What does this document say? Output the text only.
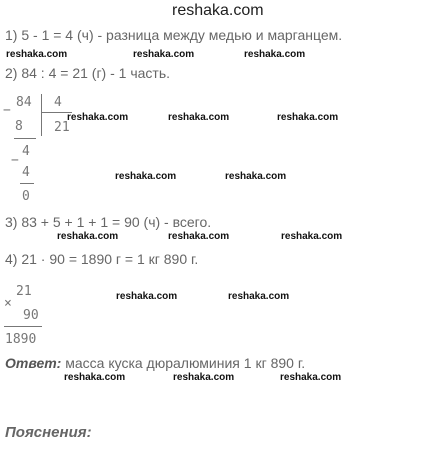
reshaka.com
1) 5 - 1 = 4 (ч) - разница между медью и марганцем.
reshaka.com	reshaka.com	reshaka.com
2) 84 : 4 = 21 (г) - 1 часть.
−
84 4
21
8
reshaka.com	reshaka.com	reshaka.com
−
4
4
0
reshaka.com	reshaka.com
3) 83 + 5 + 1 + 1 = 90 (ч) - всего.
reshaka.com	reshaka.com	reshaka.com
4) 21 · 90 = 1890 г = 1 кг 890 г.
21
×	reshaka.com	reshaka.com
90
1890
Ответ: масса куска дюралюминия 1 кг 890 г.
reshaka.com	reshaka.com	reshaka.com
Пояснения:
